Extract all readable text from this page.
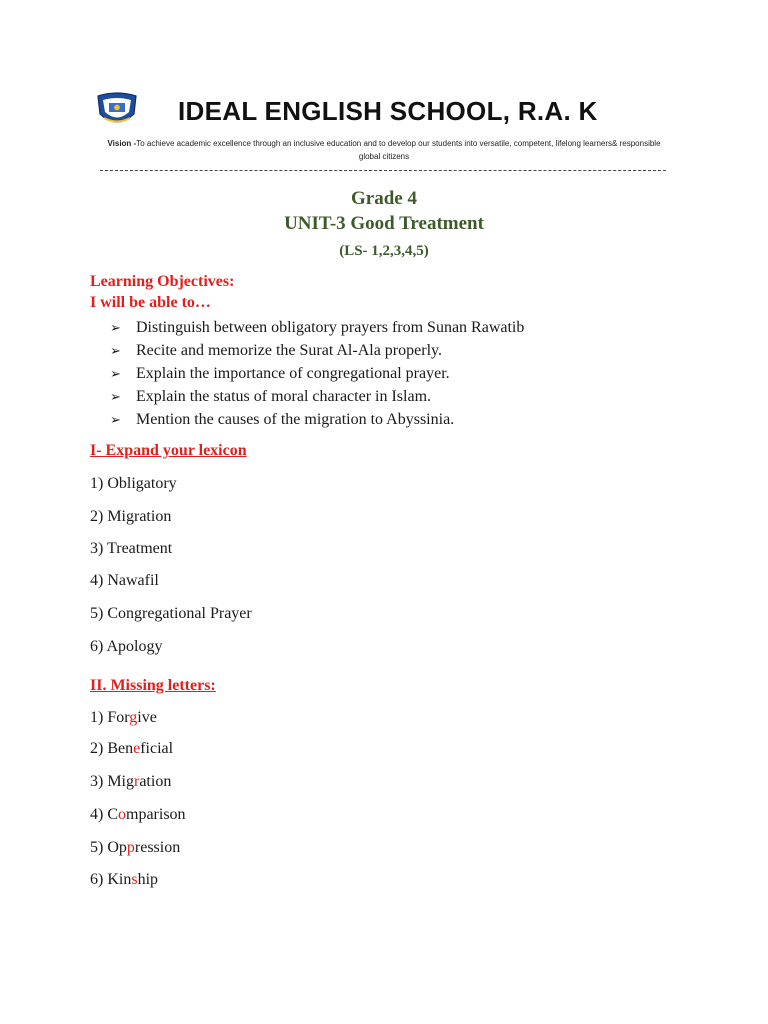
IDEAL ENGLISH SCHOOL, R.A. K
Vision -To achieve academic excellence through an inclusive education and to develop our students into versatile, competent, lifelong learners& responsible global citizens
Grade 4
UNIT-3 Good Treatment
(LS- 1,2,3,4,5)
Learning Objectives:
I will be able to…
➢ Distinguish between obligatory prayers from Sunan Rawatib
➢ Recite and memorize the Surat Al-Ala properly.
➢ Explain the importance of congregational prayer.
➢ Explain the status of moral character in Islam.
➢ Mention the causes of the migration to Abyssinia.
I- Expand your lexicon
1) Obligatory
2) Migration
3) Treatment
4) Nawafil
5) Congregational Prayer
6) Apology
II. Missing letters:
1) Forgive
2) Beneficial
3) Migration
4) Comparison
5) Oppression
6) Kinship
